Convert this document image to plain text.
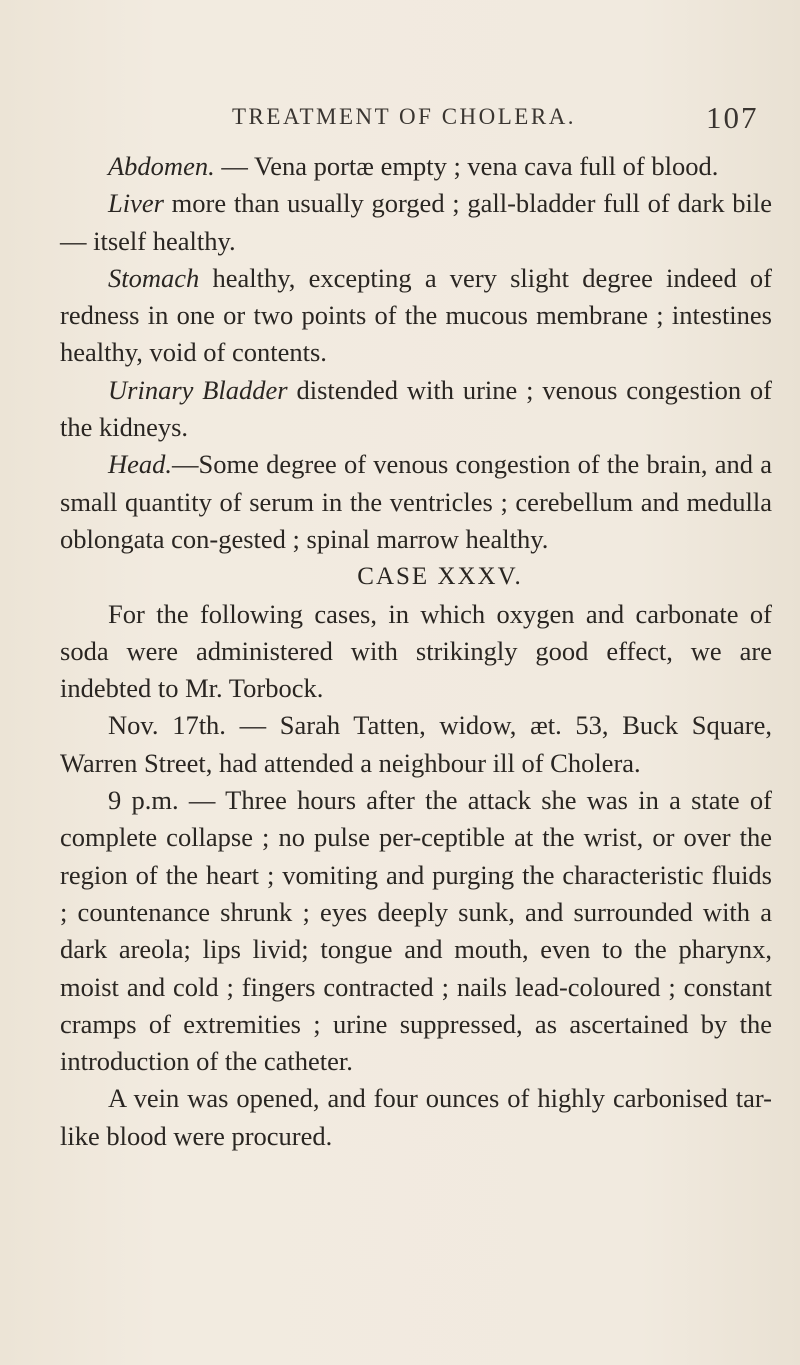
TREATMENT OF CHOLERA.	107

Abdomen. — Vena portæ empty ; vena cava full of blood.

Liver more than usually gorged ; gall-bladder full of dark bile — itself healthy.

Stomach healthy, excepting a very slight degree indeed of redness in one or two points of the mucous membrane ; intestines healthy, void of contents.

Urinary Bladder distended with urine ; venous congestion of the kidneys.

Head.—Some degree of venous congestion of the brain, and a small quantity of serum in the ventricles ; cerebellum and medulla oblongata con-gested ; spinal marrow healthy.

CASE XXXV.

For the following cases, in which oxygen and carbonate of soda were administered with strikingly good effect, we are indebted to Mr. Torbock.

Nov. 17th. — Sarah Tatten, widow, æt. 53, Buck Square, Warren Street, had attended a neighbour ill of Cholera.

9 p.m. — Three hours after the attack she was in a state of complete collapse ; no pulse per-ceptible at the wrist, or over the region of the heart ; vomiting and purging the characteristic fluids ; countenance shrunk ; eyes deeply sunk, and surrounded with a dark areola; lips livid; tongue and mouth, even to the pharynx, moist and cold ; fingers contracted ; nails lead-coloured ; constant cramps of extremities ; urine suppressed, as ascertained by the introduction of the catheter.

A vein was opened, and four ounces of highly carbonised tar-like blood were procured.
